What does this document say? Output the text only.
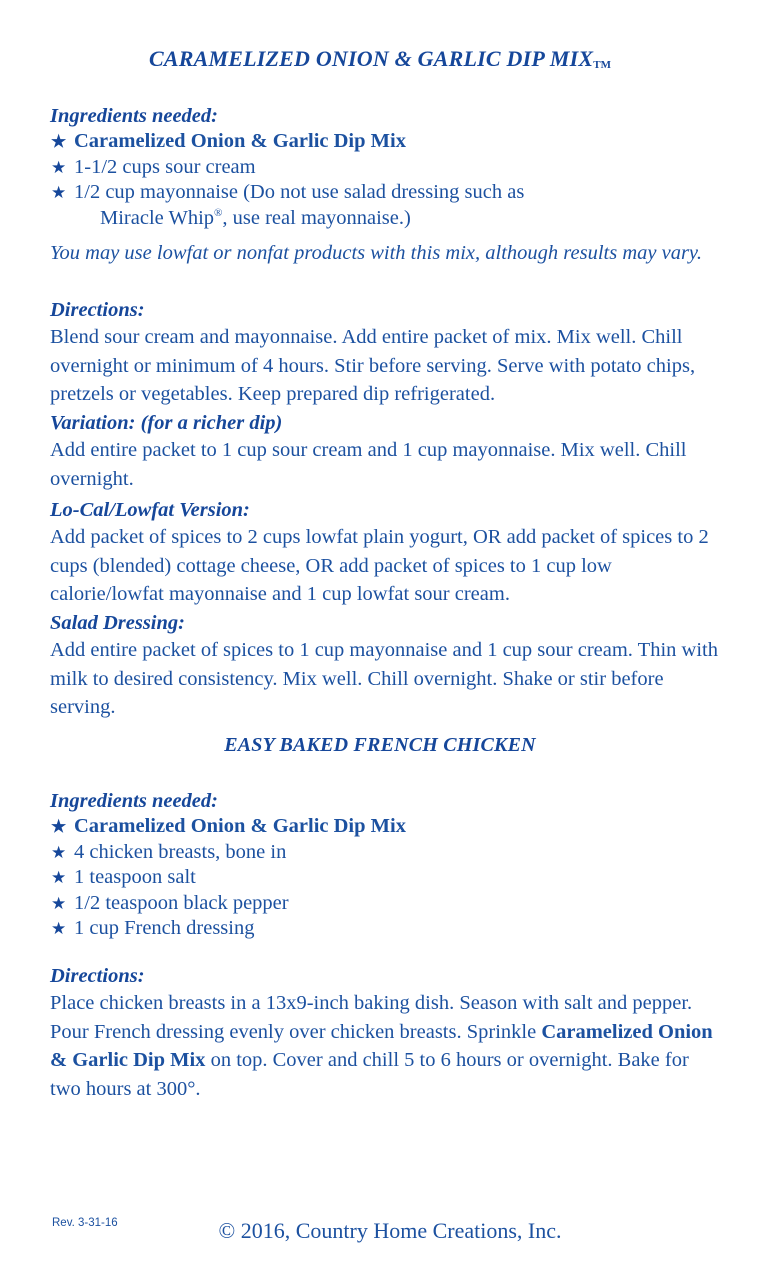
CARAMELIZED ONION & GARLIC DIP MIXTM
Ingredients needed:
★ Caramelized Onion & Garlic Dip Mix
★ 1-1/2 cups sour cream
★ 1/2 cup mayonnaise (Do not use salad dressing such as
Miracle Whip®, use real mayonnaise.)
You may use lowfat or nonfat products with this mix, although results may vary.
Directions:
Blend sour cream and mayonnaise. Add entire packet of mix. Mix well. Chill overnight or minimum of 4 hours. Stir before serving. Serve with potato chips, pretzels or vegetables. Keep prepared dip refrigerated.
Variation: (for a richer dip)
Add entire packet to 1 cup sour cream and 1 cup mayonnaise. Mix well. Chill overnight.
Lo-Cal/Lowfat Version:
Add packet of spices to 2 cups lowfat plain yogurt, OR add packet of spices to 2 cups (blended) cottage cheese, OR add packet of spices to 1 cup low calorie/lowfat mayonnaise and 1 cup lowfat sour cream.
Salad Dressing:
Add entire packet of spices to 1 cup mayonnaise and 1 cup sour cream. Thin with milk to desired consistency. Mix well. Chill overnight. Shake or stir before serving.
EASY BAKED FRENCH CHICKEN
Ingredients needed:
★ Caramelized Onion & Garlic Dip Mix
★ 4 chicken breasts, bone in
★ 1 teaspoon salt
★ 1/2 teaspoon black pepper
★ 1 cup French dressing
Directions:
Place chicken breasts in a 13x9-inch baking dish. Season with salt and pepper. Pour French dressing evenly over chicken breasts. Sprinkle Caramelized Onion & Garlic Dip Mix on top. Cover and chill 5 to 6 hours or overnight. Bake for two hours at 300°.
Rev. 3-31-16	© 2016, Country Home Creations, Inc.
